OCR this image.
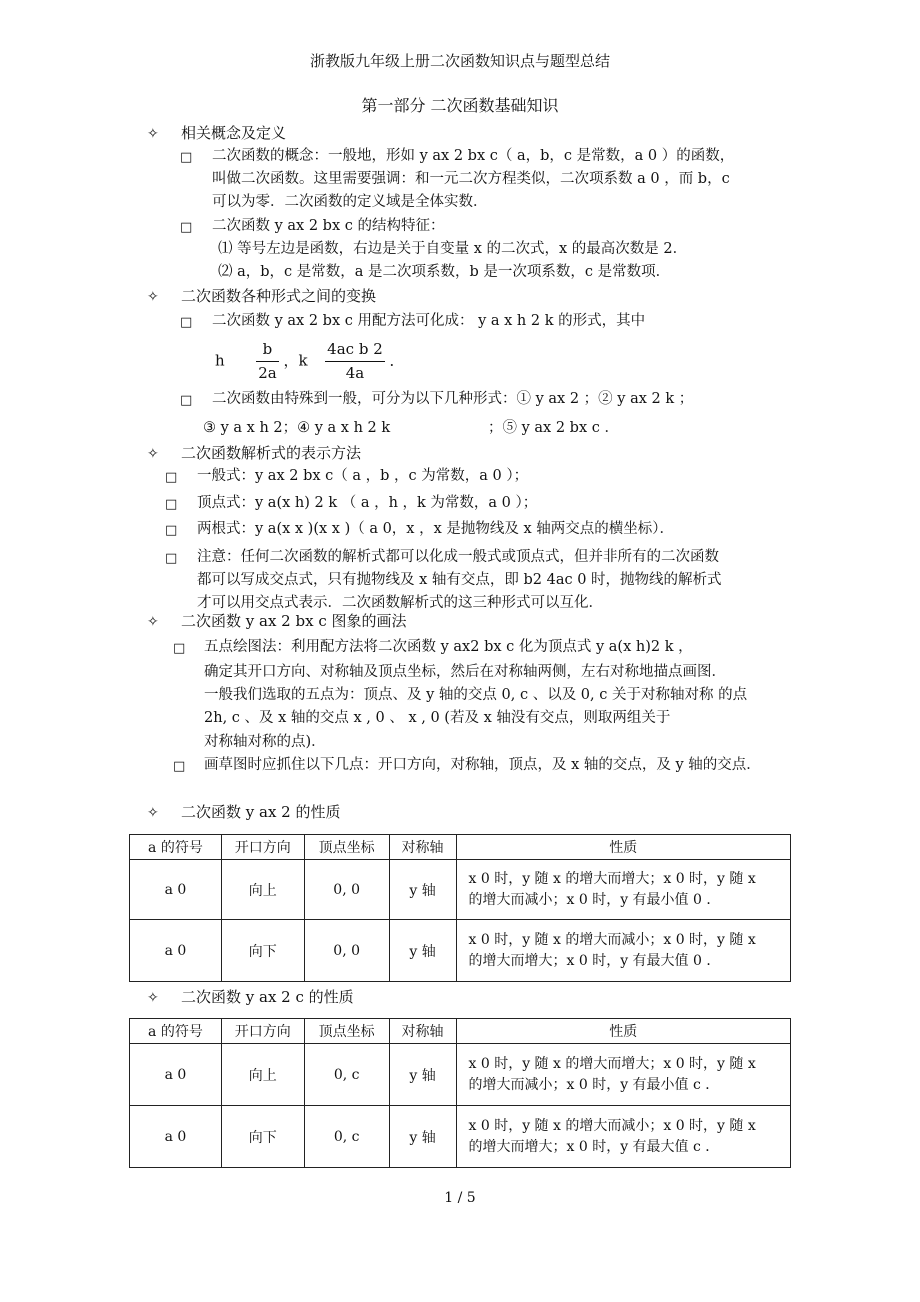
浙教版九年级上册二次函数知识点与题型总结
第一部分 二次函数基础知识
✧ 相关概念及定义
□ 二次函数的概念：一般地，形如 y ax 2 bx c（ a，b，c 是常数，a 0 ）的函数，
叫做二次函数。这里需要强调：和一元二次方程类似，二次项系数 a 0 ，而 b，c
可以为零．二次函数的定义域是全体实数．
□ 二次函数 y ax 2 bx c 的结构特征：
⑴ 等号左边是函数，右边是关于自变量 x 的二次式，x 的最高次数是 2．
⑵ a，b，c 是常数，a 是二次项系数，b 是一次项系数，c 是常数项．
✧ 二次函数各种形式之间的变换
□ 二次函数 y ax 2 bx c 用配方法可化成： y a x h 2 k 的形式，其中
h $\frac{b}{2a}$ ，k $\frac{\text{4ac b 2}}{4a}$ ．
□ 二次函数由特殊到一般，可分为以下几种形式：① y ax 2 ；② y ax 2 k ；
③ y a x h 2；④ y a x h 2 k	；⑤ y ax 2 bx c ．
✧ 二次函数解析式的表示方法
□ 一般式：y ax 2 bx c（ a ，b ，c 为常数，a 0 ）；
□ 顶点式：y a(x h) 2 k （ a ，h ，k 为常数，a 0 ）；
□ 两根式：y a(x x )(x x )（ a 0，x ，x 是抛物线及 x 轴两交点的横坐标）．
□ 注意：任何二次函数的解析式都可以化成一般式或顶点式，但并非所有的二次函数
都可以写成交点式，只有抛物线及 x 轴有交点，即 b2 4ac 0 时，抛物线的解析式
才可以用交点式表示．二次函数解析式的这三种形式可以互化．
✧ 二次函数 y ax 2 bx c 图象的画法
□ 五点绘图法：利用配方法将二次函数 y ax2 bx c 化为顶点式 y a(x h)2 k ，
确定其开口方向、对称轴及顶点坐标，然后在对称轴两侧，左右对称地描点画图．
一般我们选取的五点为：顶点、及 y 轴的交点 0, c 、以及 0, c 关于对称轴对称 的点
2h, c 、及 x 轴的交点 x , 0 、 x , 0 (若及 x 轴没有交点，则取两组关于
对称轴对称的点)．
□ 画草图时应抓住以下几点：开口方向，对称轴，顶点，及 x 轴的交点，及 y 轴的交点．
✧ 二次函数 y ax 2 的性质
a 的符号	开口方向	顶点坐标	对称轴	性质
a 0	向上	0, 0	y 轴	x 0 时，y 随 x 的增大而增大；x 0 时，y 随 x
的增大而减小；x 0 时，y 有最小值 0 ．

a 0	向下	0, 0	y 轴	x 0 时，y 随 x 的增大而减小；x 0 时，y 随 x
的增大而增大；x 0 时，y 有最大值 0 ．
✧ 二次函数 y ax 2 c 的性质
a 的符号	开口方向	顶点坐标	对称轴	性质
a 0	向上	0, c	y 轴	x 0 时，y 随 x 的增大而增大；x 0 时，y 随 x
的增大而减小；x 0 时，y 有最小值 c ．

a 0	向下	0, c	y 轴	x 0 时，y 随 x 的增大而减小；x 0 时，y 随 x
的增大而增大；x 0 时，y 有最大值 c ．
1 / 5
